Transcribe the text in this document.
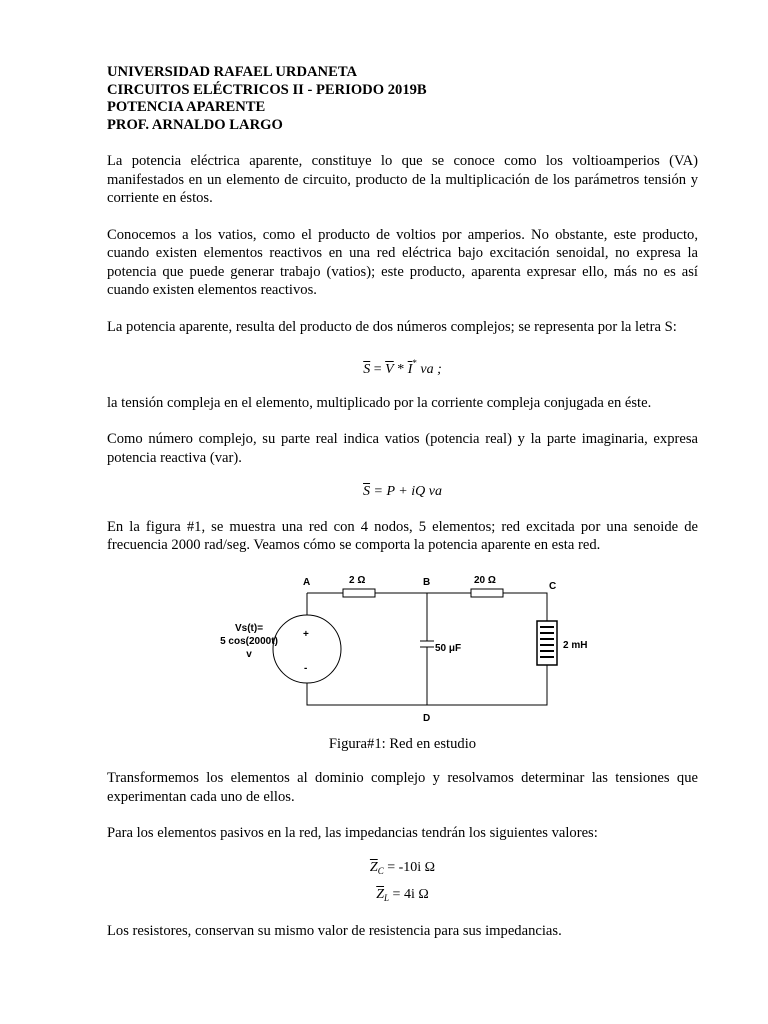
UNIVERSIDAD RAFAEL URDANETA

CIRCUITOS ELÉCTRICOS II - PERIODO 2019B

POTENCIA APARENTE

PROF. ARNALDO LARGO

La potencia eléctrica aparente, constituye lo que se conoce como los voltioamperios (VA) manifestados en un elemento de circuito, producto de la multiplicación de los parámetros tensión y corriente en éstos.

Conocemos a los vatios, como el producto de voltios por amperios. No obstante, este producto, cuando existen elementos reactivos en una red eléctrica bajo excitación senoidal, no expresa la potencia que puede generar trabajo (vatios); este producto, aparenta expresar ello, más no es así cuando existen elementos reactivos.

La potencia aparente, resulta del producto de dos números complejos; se representa por la letra S:

$\overline{S} = \overline{V} * \overline{I}^*$ va ;

la tensión compleja en el elemento, multiplicado por la corriente compleja conjugada en éste.

Como número complejo, su parte real indica vatios (potencia real) y la parte imaginaria, expresa potencia reactiva (var).

$\overline{S} = P$ + iQ va

En la figura #1, se muestra una red con 4 nodos, 5 elementos; red excitada por una senoide de frecuencia 2000 rad/seg. Veamos cómo se comporta la potencia aparente en esta red.

A	B	C
D
2 Ω	20 Ω
50 μF	2 mH
+
-
Vs(t)=
5 cos(2000t)
v

Figura#1: Red en estudio

Transformemos los elementos al dominio complejo y resolvamos determinar las tensiones que experimentan cada uno de ellos.

Para los elementos pasivos en la red, las impedancias tendrán los siguientes valores:

$\overline{Z}_C = -10i$ Ω

$\overline{Z}_L = 4i$ Ω

Los resistores, conservan su mismo valor de resistencia para sus impedancias.
